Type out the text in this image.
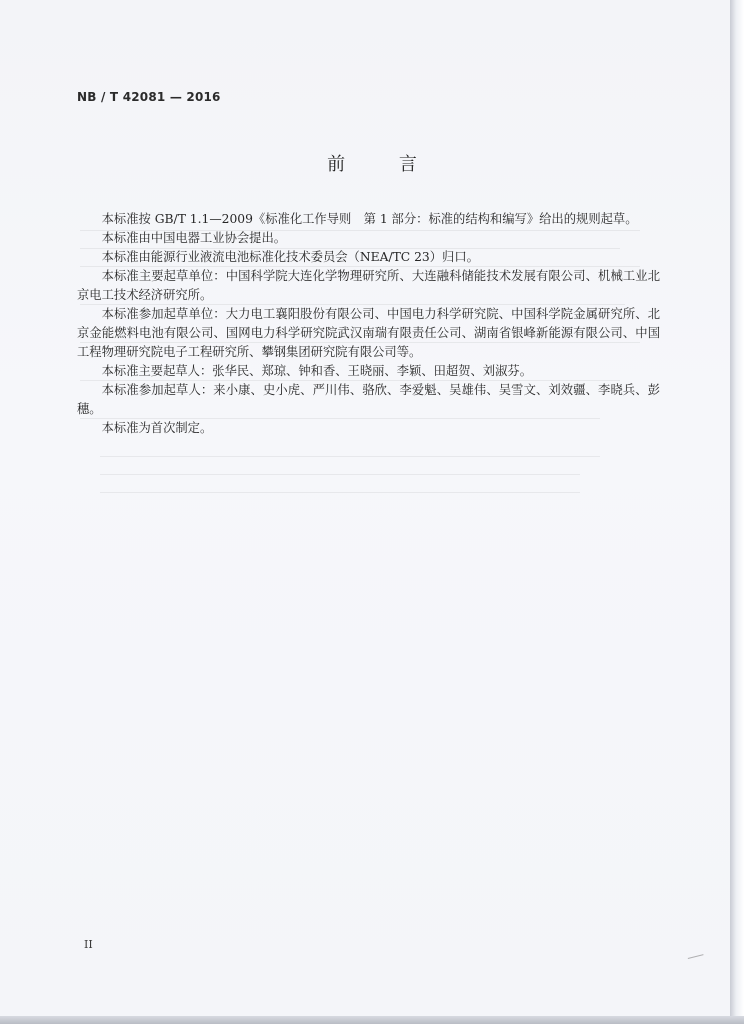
NB / T 42081 — 2016
前 言

本标准按 GB/T 1.1—2009《标准化工作导则　第 1 部分：标准的结构和编写》给出的规则起草。

本标准由中国电器工业协会提出。

本标准由能源行业液流电池标准化技术委员会（NEA/TC 23）归口。

本标准主要起草单位：中国科学院大连化学物理研究所、大连融科储能技术发展有限公司、机械工业北京电工技术经济研究所。

本标准参加起草单位：大力电工襄阳股份有限公司、中国电力科学研究院、中国科学院金属研究所、北京金能燃料电池有限公司、国网电力科学研究院武汉南瑞有限责任公司、湖南省银峰新能源有限公司、中国工程物理研究院电子工程研究所、攀钢集团研究院有限公司等。

本标准主要起草人：张华民、郑琼、钟和香、王晓丽、李颖、田超贺、刘淑芬。

本标准参加起草人：来小康、史小虎、严川伟、骆欣、李爱魁、吴雄伟、吴雪文、刘效疆、李晓兵、彭穗。

本标准为首次制定。

II
